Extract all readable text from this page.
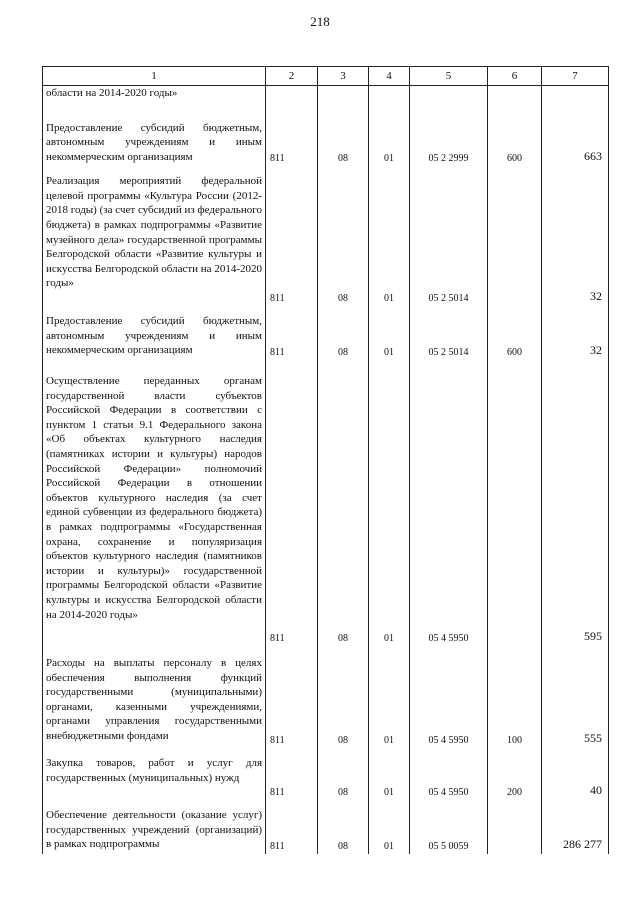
218
1	2	3	4	5	6	7

области на 2014-2020 годы»						

Предоставление субсидий бюджетным, автономным учреждениям и иным некоммерческим организациям	811	08	01	05 2 2999	600	663

Реализация мероприятий федеральной целевой программы «Культура России (2012-2018 годы) (за счет субсидий из федерального бюджета) в рамках подпрограммы «Развитие музейного дела» государственной программы Белгородской области «Развитие культуры и искусства Белгородской области на 2014-2020 годы»	811	08	01	05 2 5014		32

Предоставление субсидий бюджетным, автономным учреждениям и иным некоммерческим организациям	811	08	01	05 2 5014	600	32

Осуществление переданных органам государственной власти субъектов Российской Федерации в соответствии с пунктом 1 статьи 9.1 Федерального закона «Об объектах культурного наследия (памятниках истории и культуры) народов Российской Федерации» полномочий Российской Федерации в отношении объектов культурного наследия (за счет единой субвенции из федерального бюджета) в рамках подпрограммы «Государственная охрана, сохранение и популяризация объектов культурного наследия (памятников истории и культуры)» государственной программы Белгородской области «Развитие культуры и искусства Белгородской области на 2014-2020 годы»	811	08	01	05 4 5950		595

Расходы на выплаты персоналу в целях обеспечения выполнения функций государственными (муниципальными) органами, казенными учреждениями, органами управления государственными внебюджетными фондами	811	08	01	05 4 5950	100	555

Закупка товаров, работ и услуг для государственных (муниципальных) нужд	811	08	01	05 4 5950	200	40

Обеспечение деятельности (оказание услуг) государственных учреждений (организаций) в рамках подпрограммы	811	08	01	05 5 0059		286 277
